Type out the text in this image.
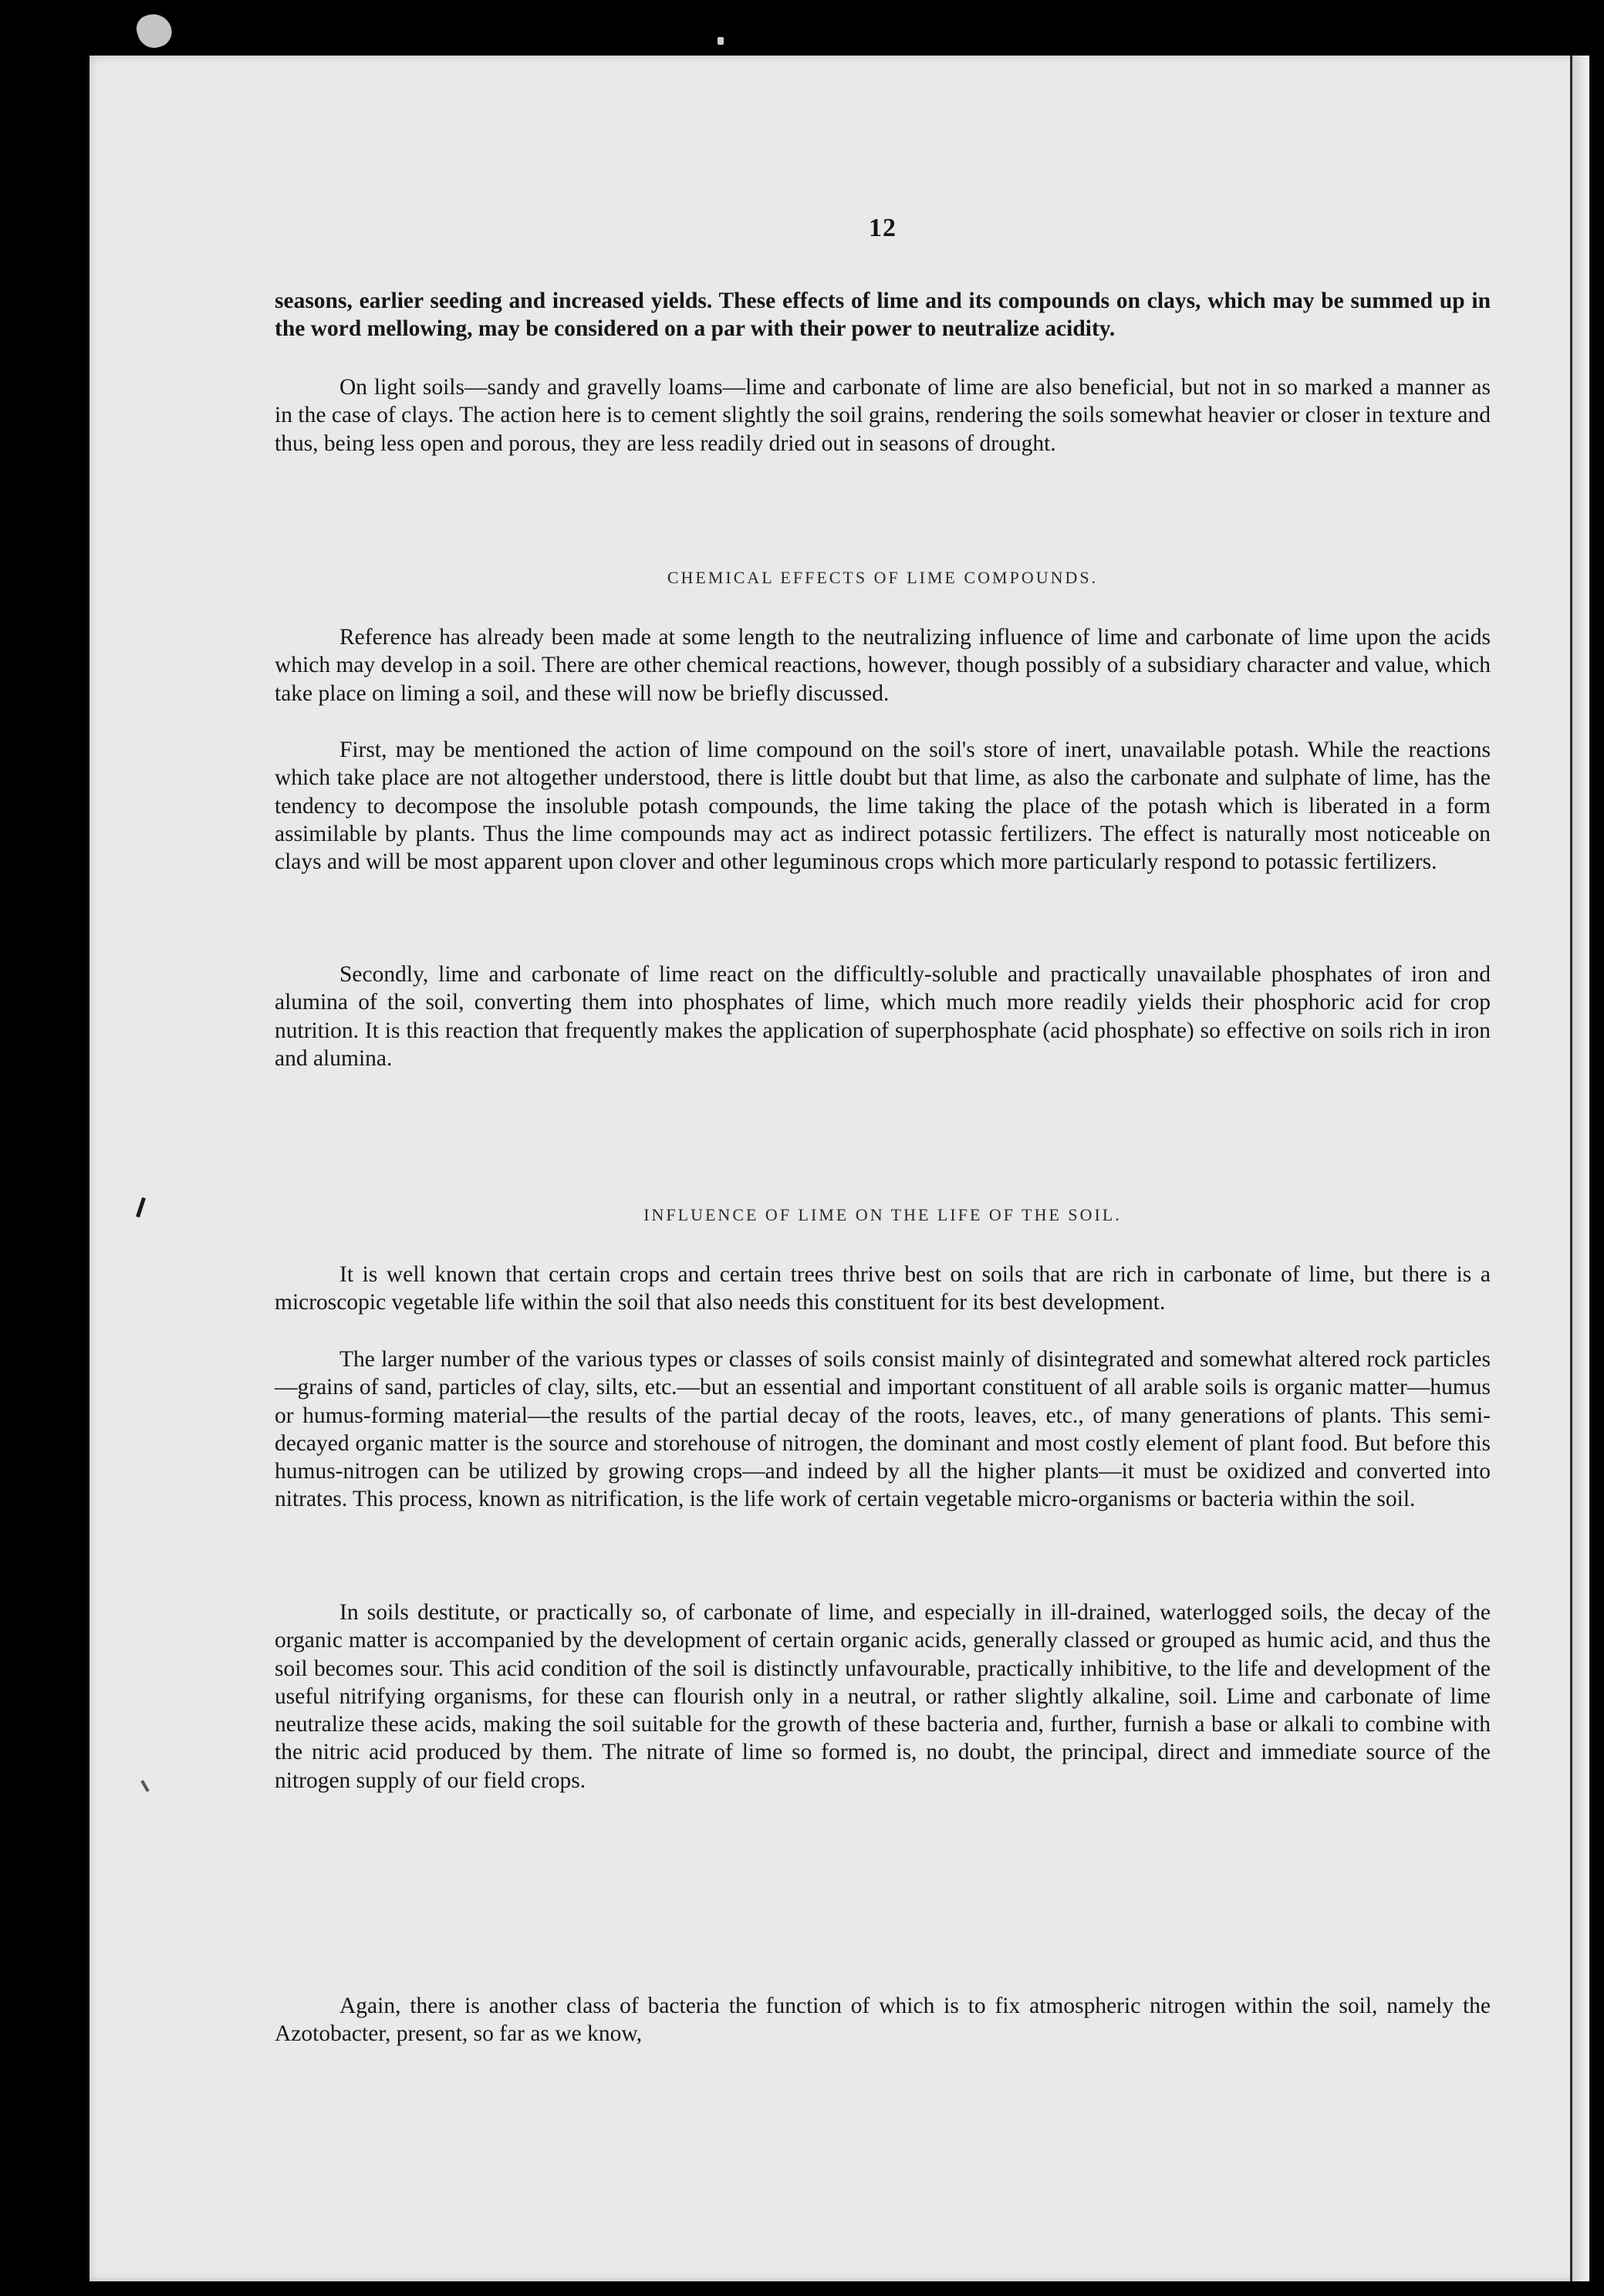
12

seasons, earlier seeding and increased yields. These effects of lime and its compounds on clays, which may be summed up in the word mellowing, may be considered on a par with their power to neutralize acidity.

On light soils—sandy and gravelly loams—lime and carbonate of lime are also beneficial, but not in so marked a manner as in the case of clays. The action here is to cement slightly the soil grains, rendering the soils somewhat heavier or closer in texture and thus, being less open and porous, they are less readily dried out in seasons of drought.

CHEMICAL EFFECTS OF LIME COMPOUNDS.

Reference has already been made at some length to the neutralizing influence of lime and carbonate of lime upon the acids which may develop in a soil. There are other chemical reactions, however, though possibly of a subsidiary character and value, which take place on liming a soil, and these will now be briefly discussed.

First, may be mentioned the action of lime compound on the soil's store of inert, unavailable potash. While the reactions which take place are not altogether understood, there is little doubt but that lime, as also the carbonate and sulphate of lime, has the tendency to decompose the insoluble potash compounds, the lime taking the place of the potash which is liberated in a form assimilable by plants. Thus the lime compounds may act as indirect potassic fertilizers. The effect is naturally most noticeable on clays and will be most apparent upon clover and other leguminous crops which more particularly respond to potassic fertilizers.

Secondly, lime and carbonate of lime react on the difficultly-soluble and practically unavailable phosphates of iron and alumina of the soil, converting them into phosphates of lime, which much more readily yields their phosphoric acid for crop nutrition. It is this reaction that frequently makes the application of superphosphate (acid phosphate) so effective on soils rich in iron and alumina.

INFLUENCE OF LIME ON THE LIFE OF THE SOIL.

It is well known that certain crops and certain trees thrive best on soils that are rich in carbonate of lime, but there is a microscopic vegetable life within the soil that also needs this constituent for its best development.

The larger number of the various types or classes of soils consist mainly of disintegrated and somewhat altered rock particles—grains of sand, particles of clay, silts, etc.—but an essential and important constituent of all arable soils is organic matter—humus or humus-forming material—the results of the partial decay of the roots, leaves, etc., of many generations of plants. This semi-decayed organic matter is the source and storehouse of nitrogen, the dominant and most costly element of plant food. But before this humus-nitrogen can be utilized by growing crops—and indeed by all the higher plants—it must be oxidized and converted into nitrates. This process, known as nitrification, is the life work of certain vegetable micro-organisms or bacteria within the soil.

In soils destitute, or practically so, of carbonate of lime, and especially in ill-drained, waterlogged soils, the decay of the organic matter is accompanied by the development of certain organic acids, generally classed or grouped as humic acid, and thus the soil becomes sour. This acid condition of the soil is distinctly unfavourable, practically inhibitive, to the life and development of the useful nitrifying organisms, for these can flourish only in a neutral, or rather slightly alkaline, soil. Lime and carbonate of lime neutralize these acids, making the soil suitable for the growth of these bacteria and, further, furnish a base or alkali to combine with the nitric acid produced by them. The nitrate of lime so formed is, no doubt, the principal, direct and immediate source of the nitrogen supply of our field crops.

Again, there is another class of bacteria the function of which is to fix atmospheric nitrogen within the soil, namely the Azotobacter, present, so far as we know,
